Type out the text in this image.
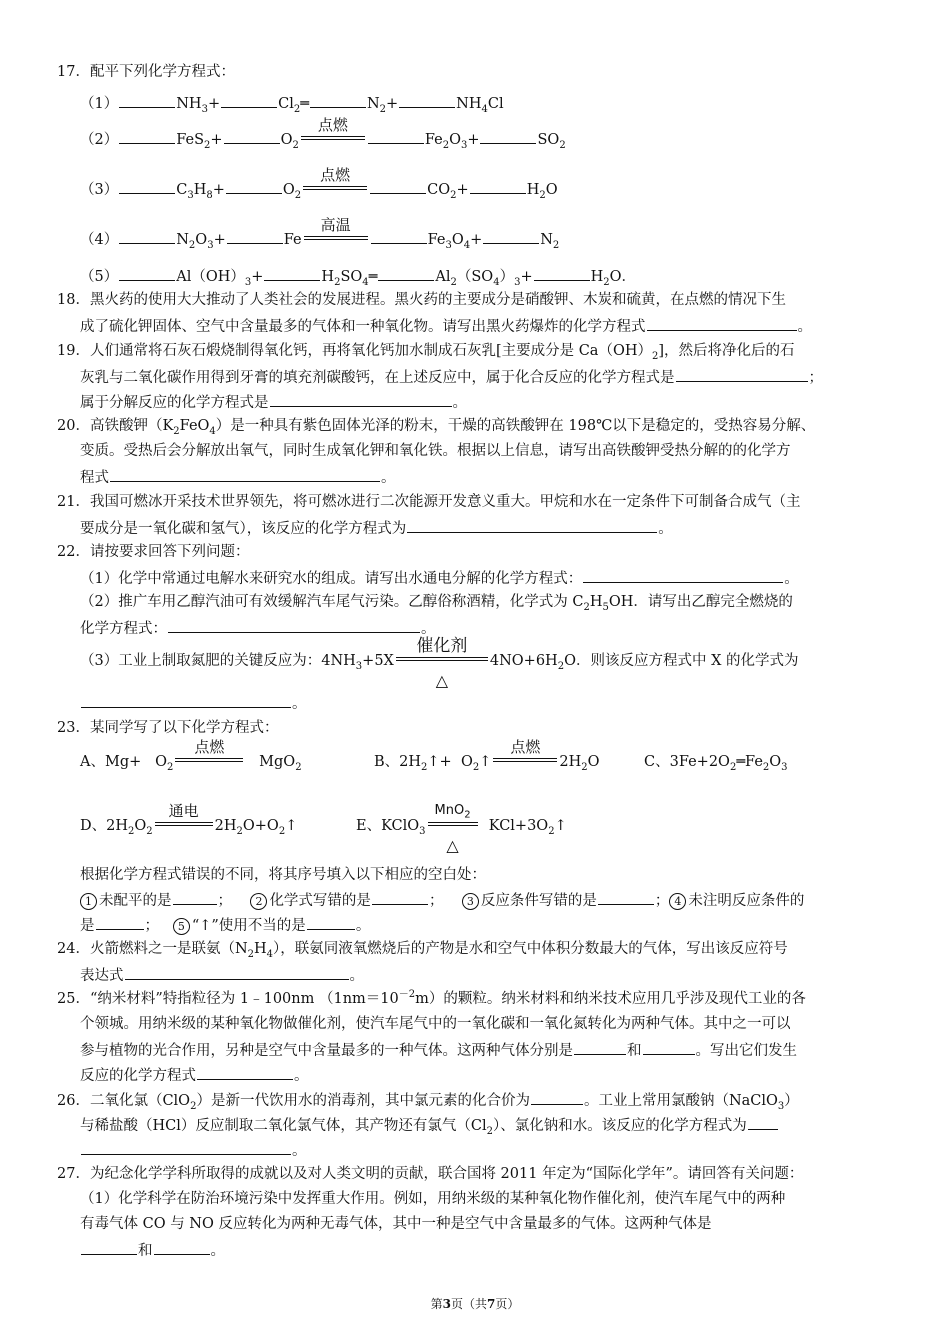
17．配平下列化学方程式：
（1）	$NH_3+$	$Cl_2═$	$N_2+$	$NH_4Cl$
（2）	FeS$_2$+	$O_2$
点燃
$Fe_2O_3+$	$SO_2$
（3）	$C_3H_8+$	$O_2$
点燃
$CO_2+$	$H_2O$
（4）	$N_2O_3+$	Fe
高温
$Fe_3O_4+$	$N_2$
（5）	$Al(OH)_3+$	$H_2SO_4═$	$Al_2(SO_4)_3+$	$H_2O$．
18．黑火药的使用大大推动了人类社会的发展进程。黑火药的主要成分是硝酸钾、木炭和硫黄，在点燃的情况下生
成了硫化钾固体、空气中含量最多的气体和一种氧化物。请写出黑火药爆炸的化学方程式	。
19．人们通常将石灰石煅烧制得氧化钙，再将氧化钙加水制成石灰乳[主要成分是 $Ca(OH)_2$]，然后将净化后的石
灰乳与二氧化碳作用得到牙膏的填充剂碳酸钙，在上述反应中，属于化合反应的化学方程式是	；
属于分解反应的化学方程式是	。
20．高铁酸钾$(K_2FeO_4)$是一种具有紫色固体光泽的粉末，干燥的高铁酸钾在 198℃以下是稳定的，受热容易分解、
变质。受热后会分解放出氧气，同时生成氧化钾和氧化铁。根据以上信息，请写出高铁酸钾受热分解的的化学方
程式	。
21．我国可燃冰开采技术世界领先，将可燃冰进行二次能源开发意义重大。甲烷和水在一定条件下可制备合成气（主
要成分是一氧化碳和氢气），该反应的化学方程式为	。
22．请按要求回答下列问题：
（1）化学中常通过电解水来研究水的组成。请写出水通电分解的化学方程式：	。
（2）推广车用乙醇汽油可有效缓解汽车尾气污染。乙醇俗称酒精，化学式为 $C_2H_5OH$．请写出乙醇完全燃烧的
化学方程式：	。
（3）工业上制取氮肥的关键反应为：$4NH_3+5X$
催化剂
△
$4NO+6H_2O$．则该反应方程式中 X 的化学式为
。
23．某同学写了以下化学方程式：
A、$Mg+ O_2$
点燃
MgO$_2$	B、$2H_2↑+$ $O_2↑$
点燃
$2H_2O$	C、$3Fe+2O_2═Fe_2O_3$
D、$2H_2O_2$
通电
$2H_2O+O_2↑$	E、KClO$_3$
MnO$_2$
△
$KCl+3O_2↑$
根据化学方程式错误的不同，将其序号填入以下相应的空白处：
1 未配平的是	； 2 化学式写错的是	； 3 反应条件写错的是	； 4 未注明反应条件的
是	； 5 “↑”使用不当的是	。
24．火箭燃料之一是联氨$(N_2H_4)$，联氨同液氧燃烧后的产物是水和空气中体积分数最大的气体，写出该反应符号
表达式	。
25．“纳米材料”特指粒径为 1﹣100nm $(1nm=10^{-2}m)$的颗粒。纳米材料和纳米技术应用几乎涉及现代工业的各
个领城。用纳米级的某种氧化物做催化剂，使汽车尾气中的一氧化碳和一氧化氮转化为两种气体。其中之一可以
参与植物的光合作用，另种是空气中含量最多的一种气体。这两种气体分别是	和	。写出它们发生
反应的化学方程式	。
26．二氧化氯（ClO$_2$）是新一代饮用水的消毒剂，其中氯元素的化合价为	。工业上常用氯酸钠（NaClO$_3$）
与稀盐酸（HCl）反应制取二氧化氯气体，其产物还有氯气$(Cl_2)$、氯化钠和水。该反应的化学方程式为
。
27．为纪念化学学科所取得的成就以及对人类文明的贡献，联合国将 2011 年定为“国际化学年”。请回答有关问题：
（1）化学科学在防治环境污染中发挥重大作用。例如，用纳米级的某种氧化物作催化剂，使汽车尾气中的两种
有毒气体 CO 与 NO 反应转化为两种无毒气体，其中一种是空气中含量最多的气体。这两种气体是
和	。
第3页（共7页）
